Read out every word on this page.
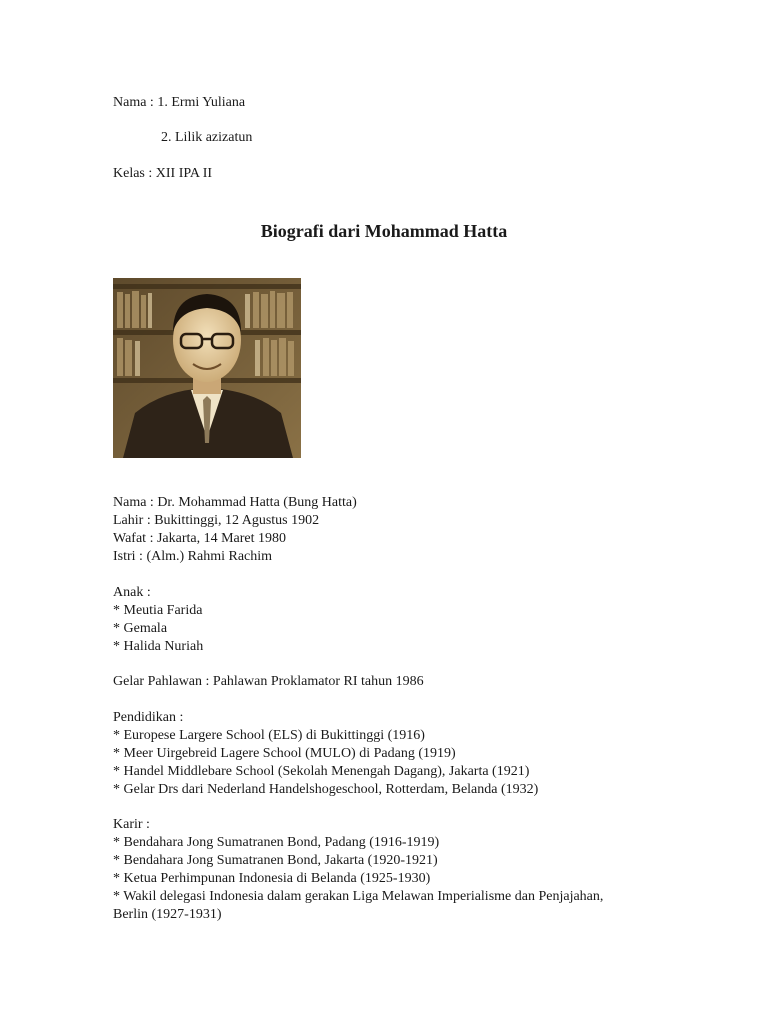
Nama : 1. Ermi Yuliana
2. Lilik azizatun
Kelas : XII IPA II
Biografi dari Mohammad Hatta
Nama : Dr. Mohammad Hatta (Bung Hatta)
Lahir : Bukittinggi, 12 Agustus 1902
Wafat : Jakarta, 14 Maret 1980
Istri : (Alm.) Rahmi Rachim
Anak :
* Meutia Farida
* Gemala
* Halida Nuriah
Gelar Pahlawan : Pahlawan Proklamator RI tahun 1986
Pendidikan :
* Europese Largere School (ELS) di Bukittinggi (1916)
* Meer Uirgebreid Lagere School (MULO) di Padang (1919)
* Handel Middlebare School (Sekolah Menengah Dagang), Jakarta (1921)
* Gelar Drs dari Nederland Handelshogeschool, Rotterdam, Belanda (1932)
Karir :
* Bendahara Jong Sumatranen Bond, Padang (1916-1919)
* Bendahara Jong Sumatranen Bond, Jakarta (1920-1921)
* Ketua Perhimpunan Indonesia di Belanda (1925-1930)
* Wakil delegasi Indonesia dalam gerakan Liga Melawan Imperialisme dan Penjajahan,
Berlin (1927-1931)
